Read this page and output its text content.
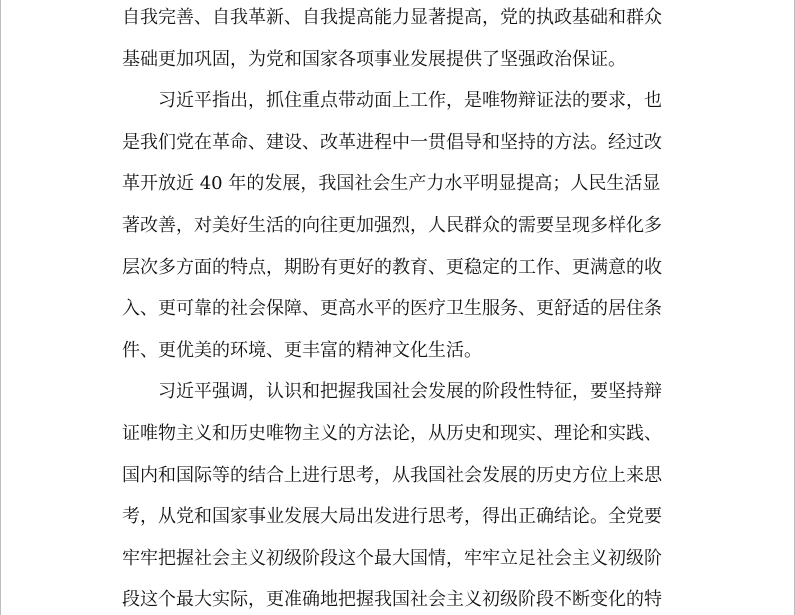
自我完善、自我革新、自我提高能力显著提高，党的执政基础和群众
基础更加巩固，为党和国家各项事业发展提供了坚强政治保证。
习近平指出，抓住重点带动面上工作，是唯物辩证法的要求，也
是我们党在革命、建设、改革进程中一贯倡导和坚持的方法。经过改
革开放近 40 年的发展，我国社会生产力水平明显提高；人民生活显
著改善，对美好生活的向往更加强烈，人民群众的需要呈现多样化多
层次多方面的特点，期盼有更好的教育、更稳定的工作、更满意的收
入、更可靠的社会保障、更高水平的医疗卫生服务、更舒适的居住条
件、更优美的环境、更丰富的精神文化生活。
习近平强调，认识和把握我国社会发展的阶段性特征，要坚持辩
证唯物主义和历史唯物主义的方法论，从历史和现实、理论和实践、
国内和国际等的结合上进行思考，从我国社会发展的历史方位上来思
考，从党和国家事业发展大局出发进行思考，得出正确结论。全党要
牢牢把握社会主义初级阶段这个最大国情，牢牢立足社会主义初级阶
段这个最大实际，更准确地把握我国社会主义初级阶段不断变化的特
